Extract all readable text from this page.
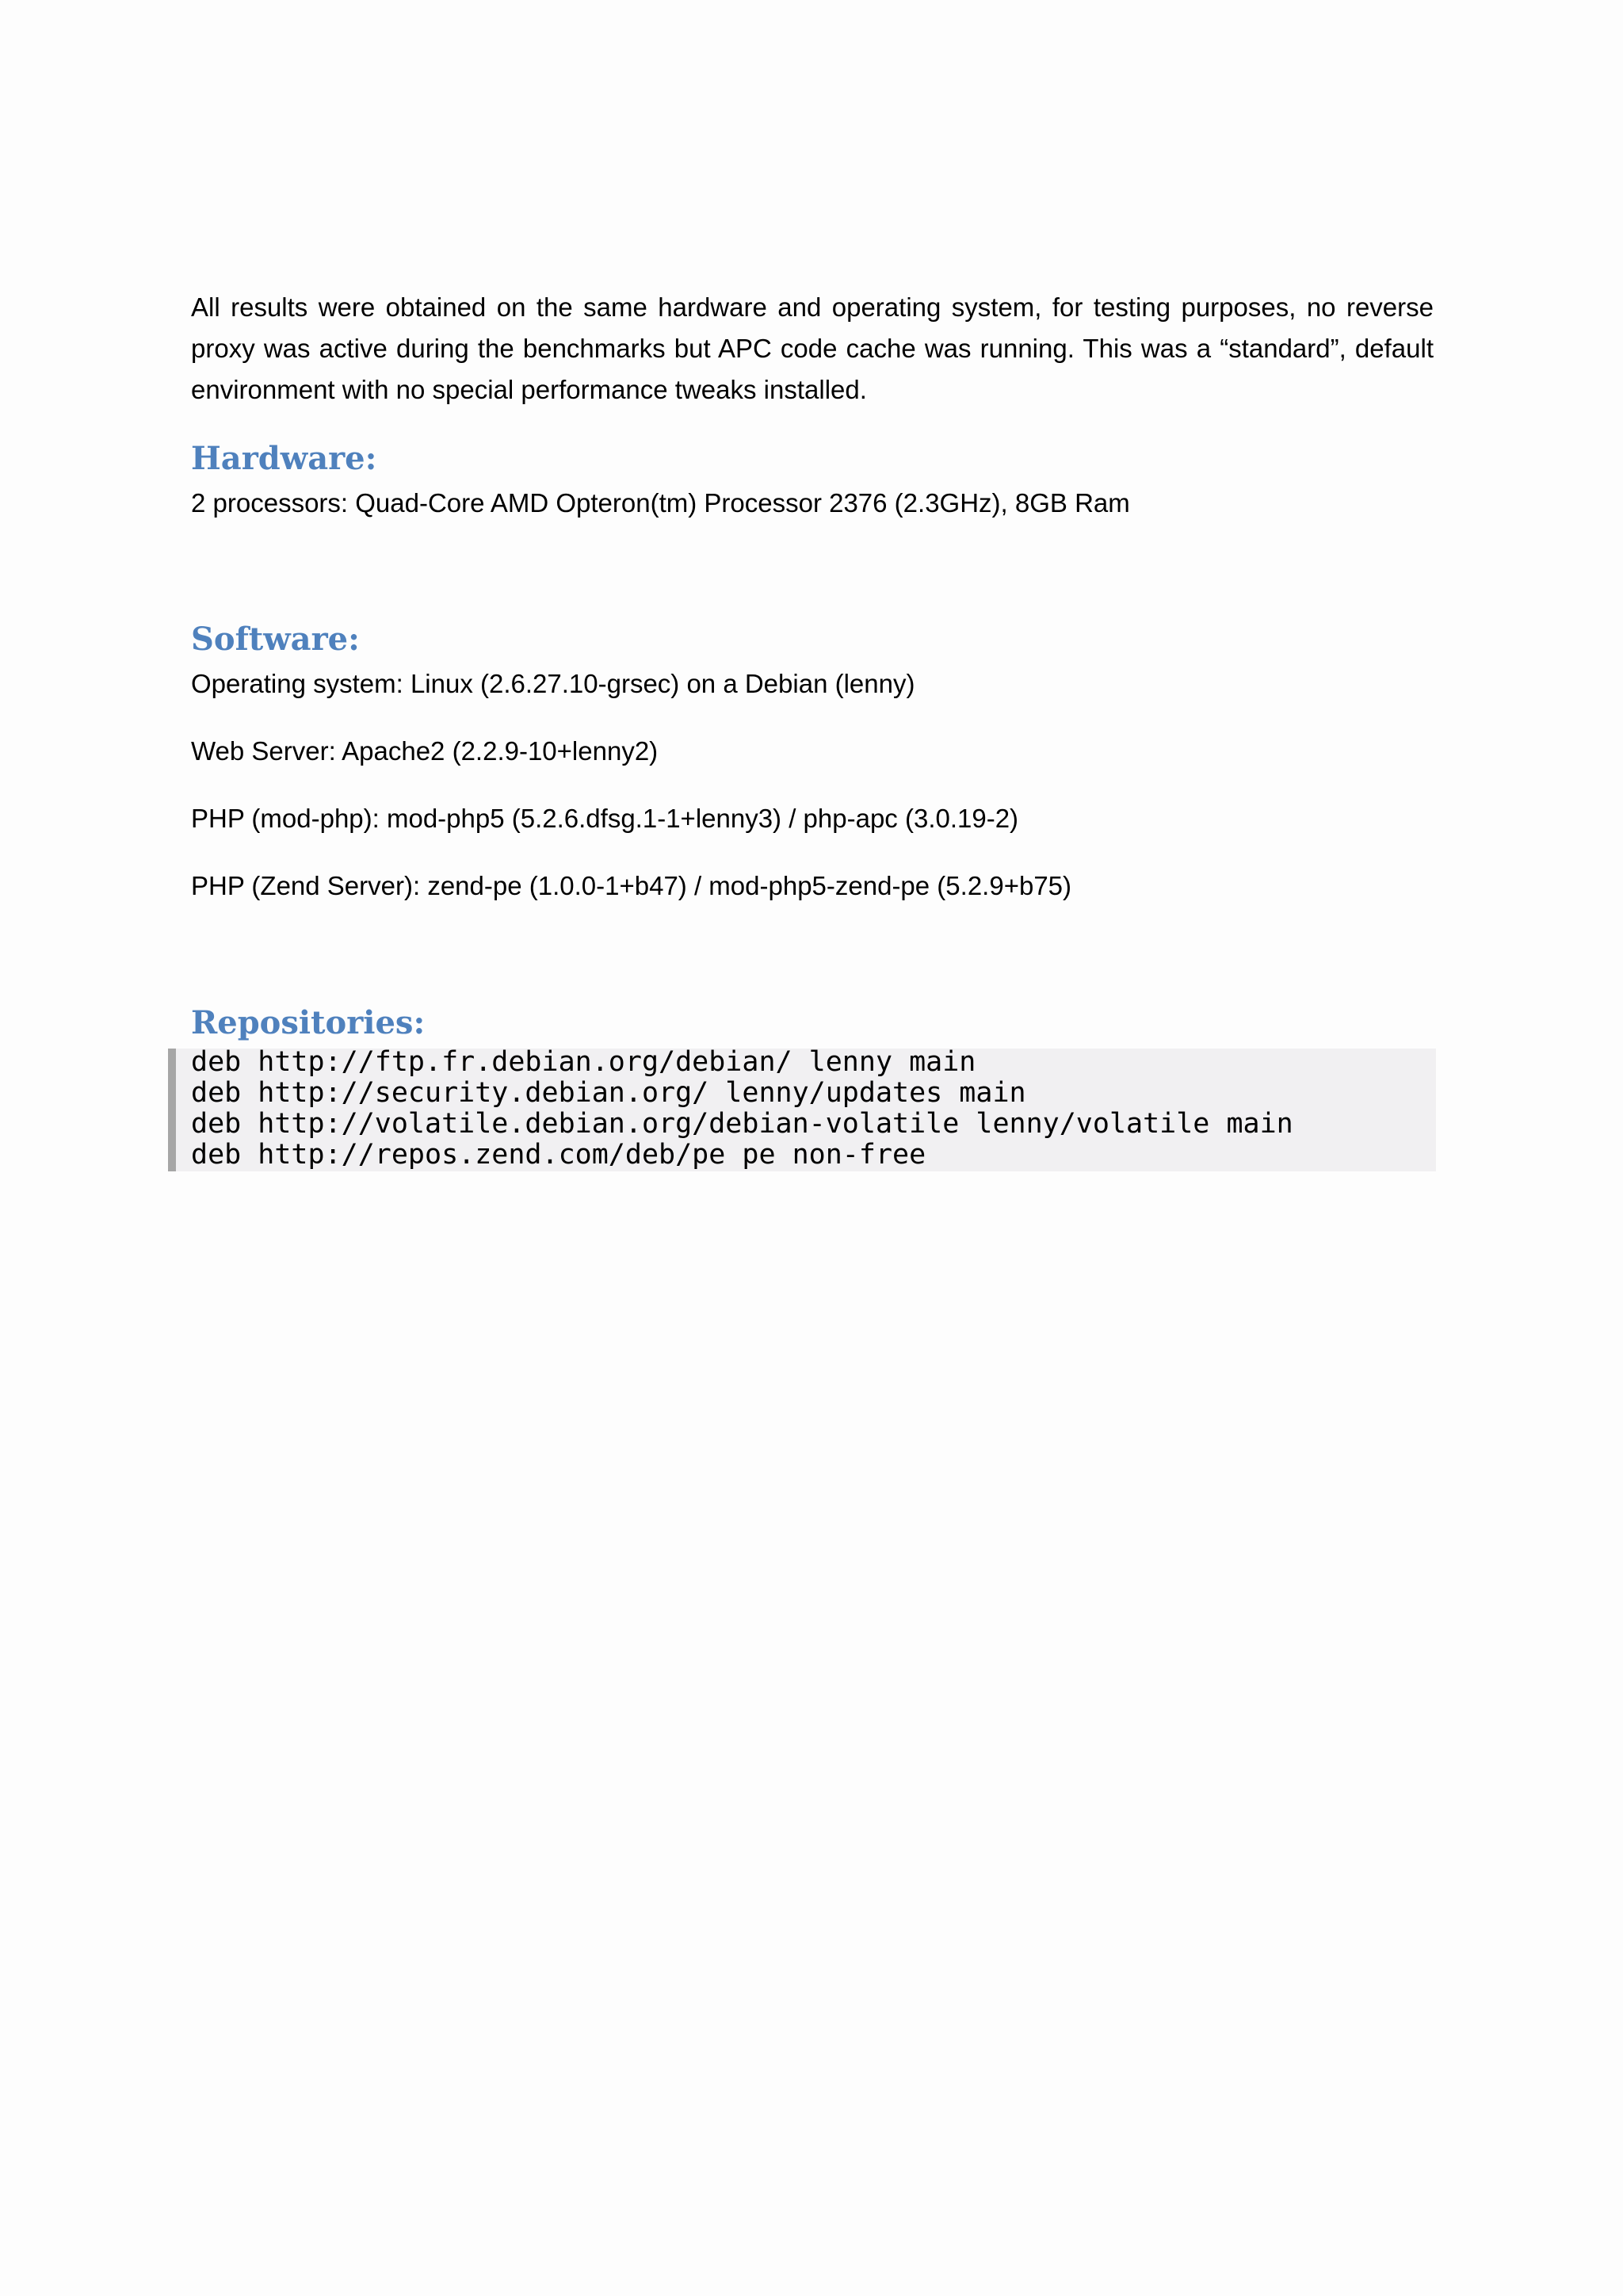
All results were obtained on the same hardware and operating system, for testing purposes, no reverse proxy was active during the benchmarks but APC code cache was running. This was a “standard”, default environment with no special performance tweaks installed.

Hardware:

2 processors: Quad-Core AMD Opteron(tm) Processor 2376 (2.3GHz), 8GB Ram

Software:

Operating system: Linux (2.6.27.10-grsec) on a Debian (lenny)

Web Server: Apache2 (2.2.9-10+lenny2)

PHP (mod-php): mod-php5 (5.2.6.dfsg.1-1+lenny3) / php-apc (3.0.19-2)

PHP (Zend Server): zend-pe (1.0.0-1+b47) / mod-php5-zend-pe (5.2.9+b75)

Repositories:
deb http://ftp.fr.debian.org/debian/ lenny main
deb http://security.debian.org/ lenny/updates main
deb http://volatile.debian.org/debian-volatile lenny/volatile main
deb http://repos.zend.com/deb/pe pe non-free
